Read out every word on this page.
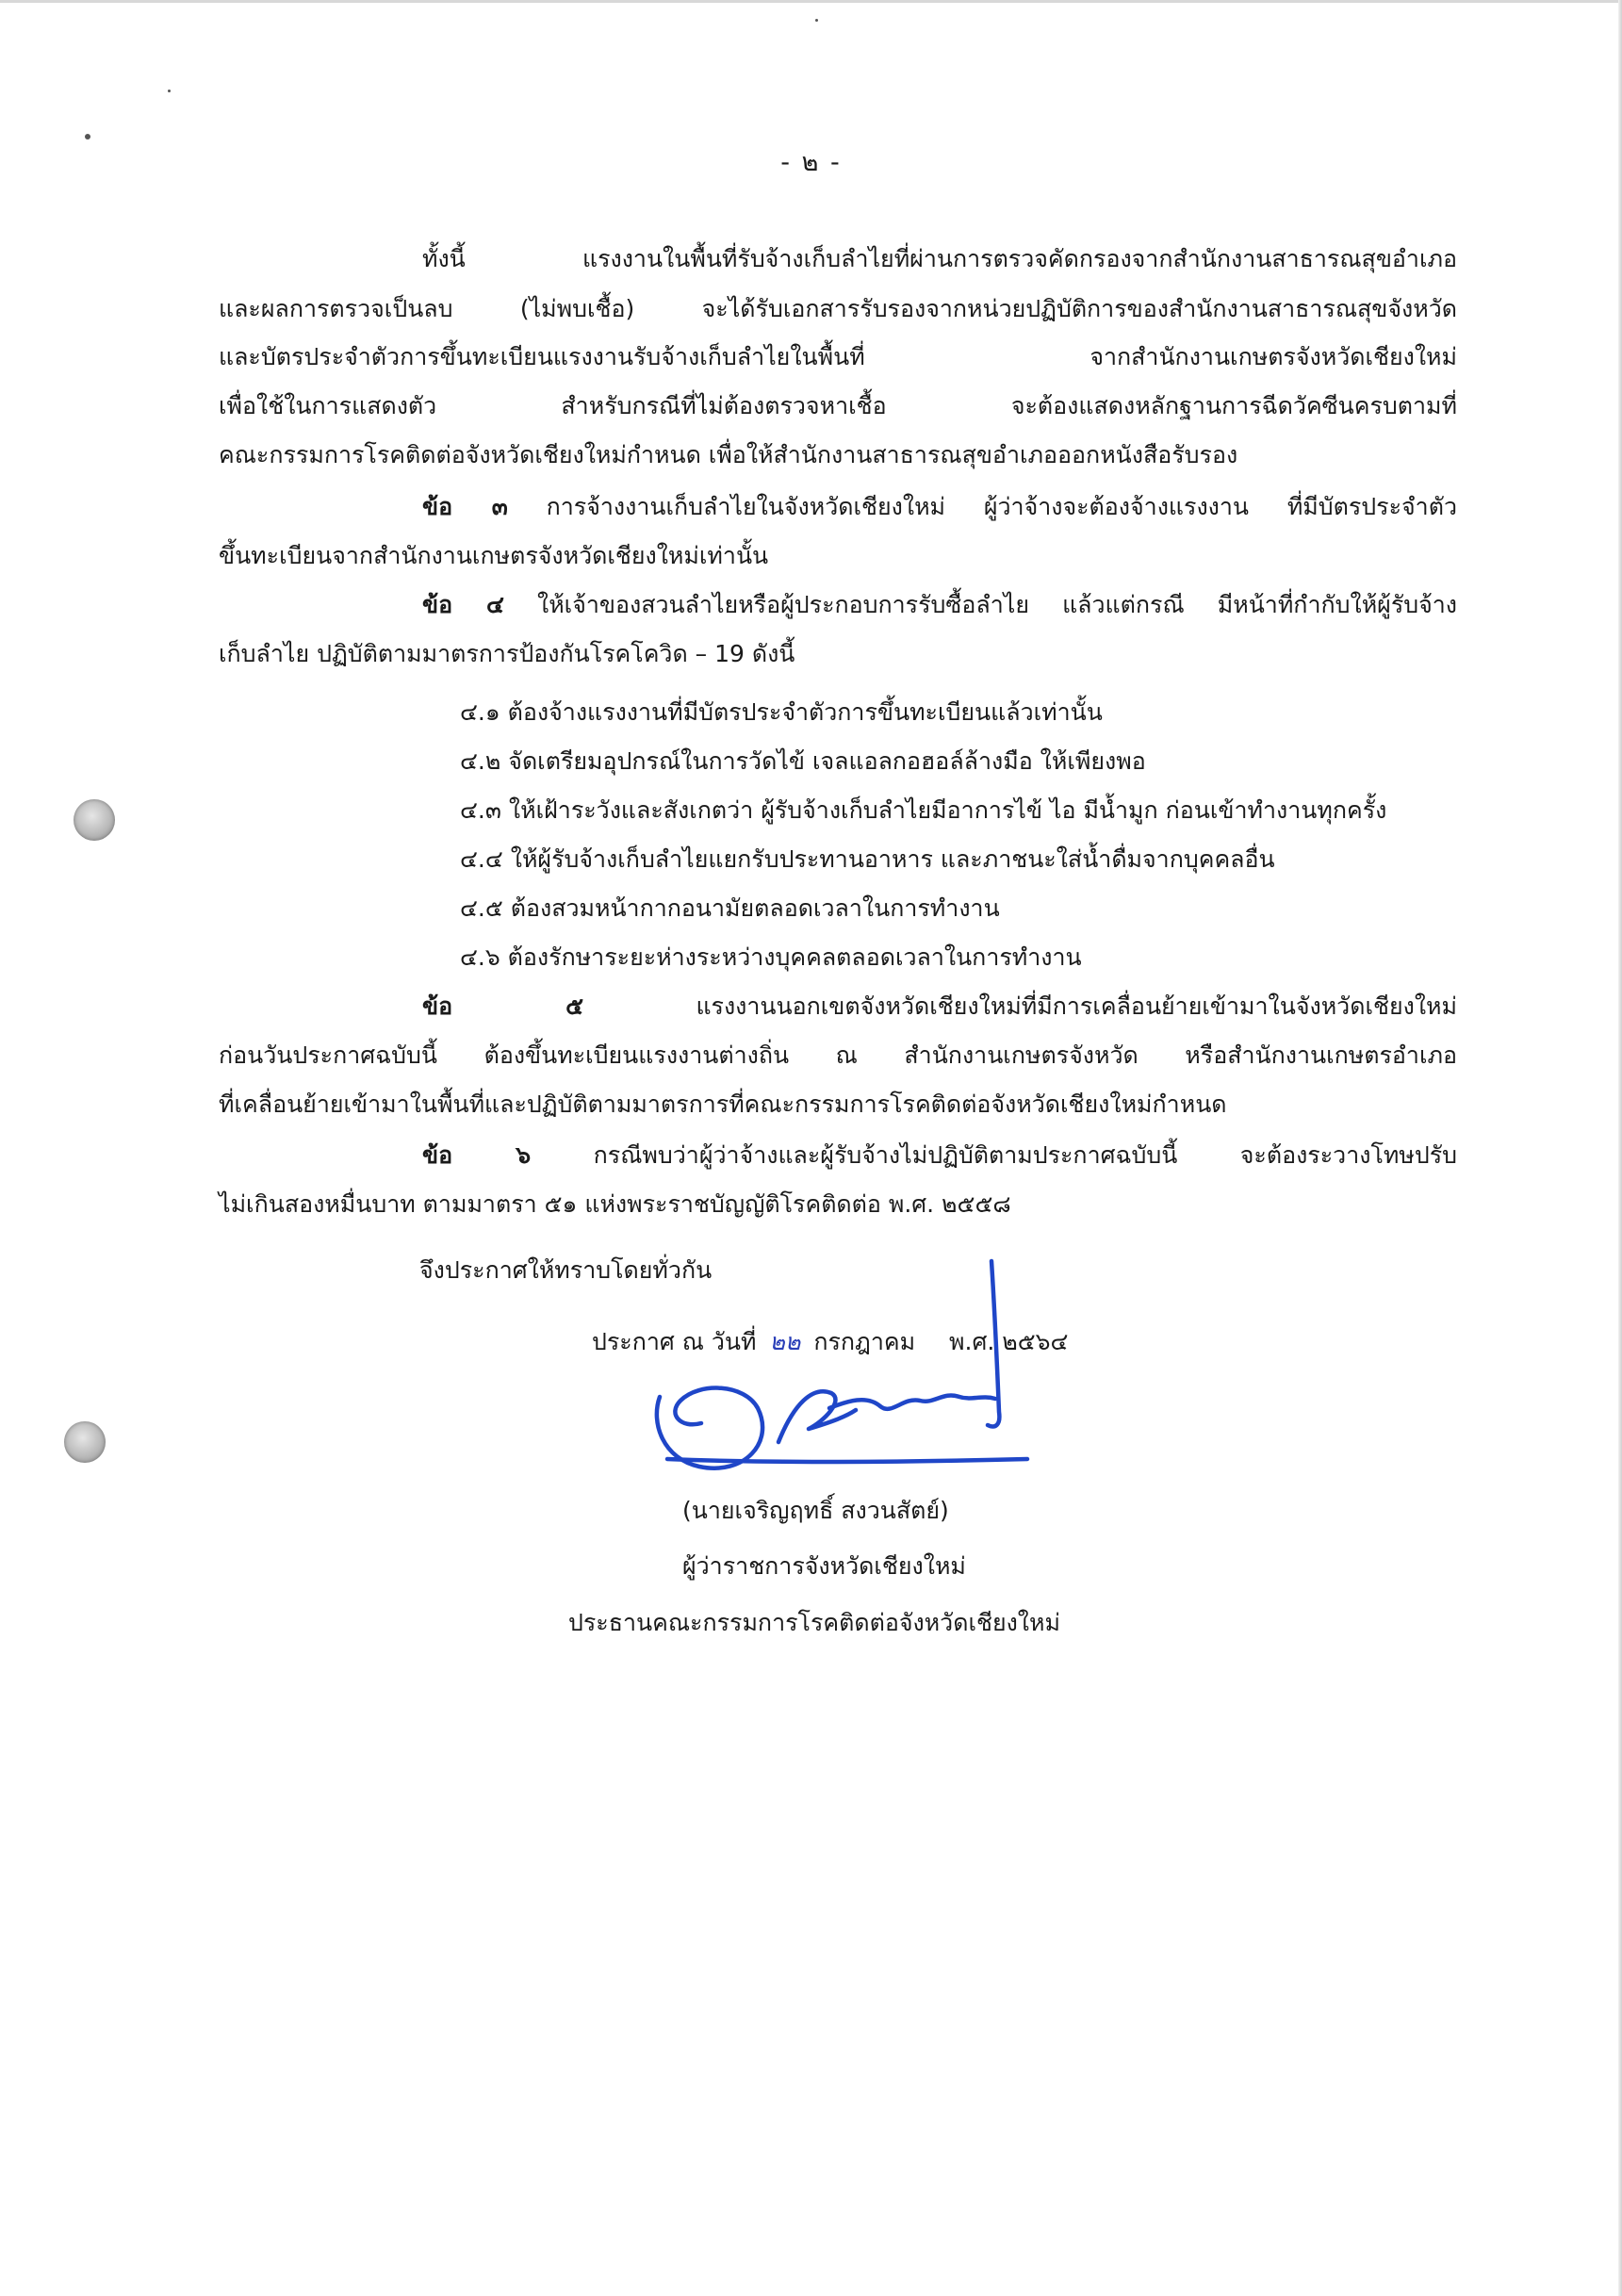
- ๒ -

ทั้งนี้ แรงงานในพื้นที่รับจ้างเก็บลำไยที่ผ่านการตรวจคัดกรองจากสำนักงานสาธารณสุขอำเภอ

และผลการตรวจเป็นลบ (ไม่พบเชื้อ) จะได้รับเอกสารรับรองจากหน่วยปฏิบัติการของสำนักงานสาธารณสุขจังหวัด

และบัตรประจำตัวการขึ้นทะเบียนแรงงานรับจ้างเก็บลำไยในพื้นที่ จากสำนักงานเกษตรจังหวัดเชียงใหม่

เพื่อใช้ในการแสดงตัว สำหรับกรณีที่ไม่ต้องตรวจหาเชื้อ จะต้องแสดงหลักฐานการฉีดวัคซีนครบตามที่

คณะกรรมการโรคติดต่อจังหวัดเชียงใหม่กำหนด เพื่อให้สำนักงานสาธารณสุขอำเภอออกหนังสือรับรอง

ข้อ ๓ การจ้างงานเก็บลำไยในจังหวัดเชียงใหม่ ผู้ว่าจ้างจะต้องจ้างแรงงาน ที่มีบัตรประจำตัว

ขึ้นทะเบียนจากสำนักงานเกษตรจังหวัดเชียงใหม่เท่านั้น

ข้อ ๔ ให้เจ้าของสวนลำไยหรือผู้ประกอบการรับซื้อลำไย แล้วแต่กรณี มีหน้าที่กำกับให้ผู้รับจ้าง

เก็บลำไย ปฏิบัติตามมาตรการป้องกันโรคโควิด – 19 ดังนี้

๔.๑ ต้องจ้างแรงงานที่มีบัตรประจำตัวการขึ้นทะเบียนแล้วเท่านั้น

๔.๒ จัดเตรียมอุปกรณ์ในการวัดไข้ เจลแอลกอฮอล์ล้างมือ ให้เพียงพอ

๔.๓ ให้เฝ้าระวังและสังเกตว่า ผู้รับจ้างเก็บลำไยมีอาการไข้ ไอ มีน้ำมูก ก่อนเข้าทำงานทุกครั้ง

๔.๔ ให้ผู้รับจ้างเก็บลำไยแยกรับประทานอาหาร และภาชนะใส่น้ำดื่มจากบุคคลอื่น

๔.๕ ต้องสวมหน้ากากอนามัยตลอดเวลาในการทำงาน

๔.๖ ต้องรักษาระยะห่างระหว่างบุคคลตลอดเวลาในการทำงาน

ข้อ ๕	แรงงานนอกเขตจังหวัดเชียงใหม่ที่มีการเคลื่อนย้ายเข้ามาในจังหวัดเชียงใหม่

ก่อนวันประกาศฉบับนี้ ต้องขึ้นทะเบียนแรงงานต่างถิ่น ณ สำนักงานเกษตรจังหวัด หรือสำนักงานเกษตรอำเภอ

ที่เคลื่อนย้ายเข้ามาในพื้นที่และปฏิบัติตามมาตรการที่คณะกรรมการโรคติดต่อจังหวัดเชียงใหม่กำหนด

ข้อ ๖	กรณีพบว่าผู้ว่าจ้างและผู้รับจ้างไม่ปฏิบัติตามประกาศฉบับนี้ จะต้องระวางโทษปรับ

ไม่เกินสองหมื่นบาท ตามมาตรา ๕๑ แห่งพระราชบัญญัติโรคติดต่อ พ.ศ. ๒๕๕๘

จึงประกาศให้ทราบโดยทั่วกัน

ประกาศ ณ วันที่ ๒๒ กรกฎาคม พ.ศ. ๒๕๖๔

(นายเจริญฤทธิ์ สงวนสัตย์)

ผู้ว่าราชการจังหวัดเชียงใหม่

ประธานคณะกรรมการโรคติดต่อจังหวัดเชียงใหม่
